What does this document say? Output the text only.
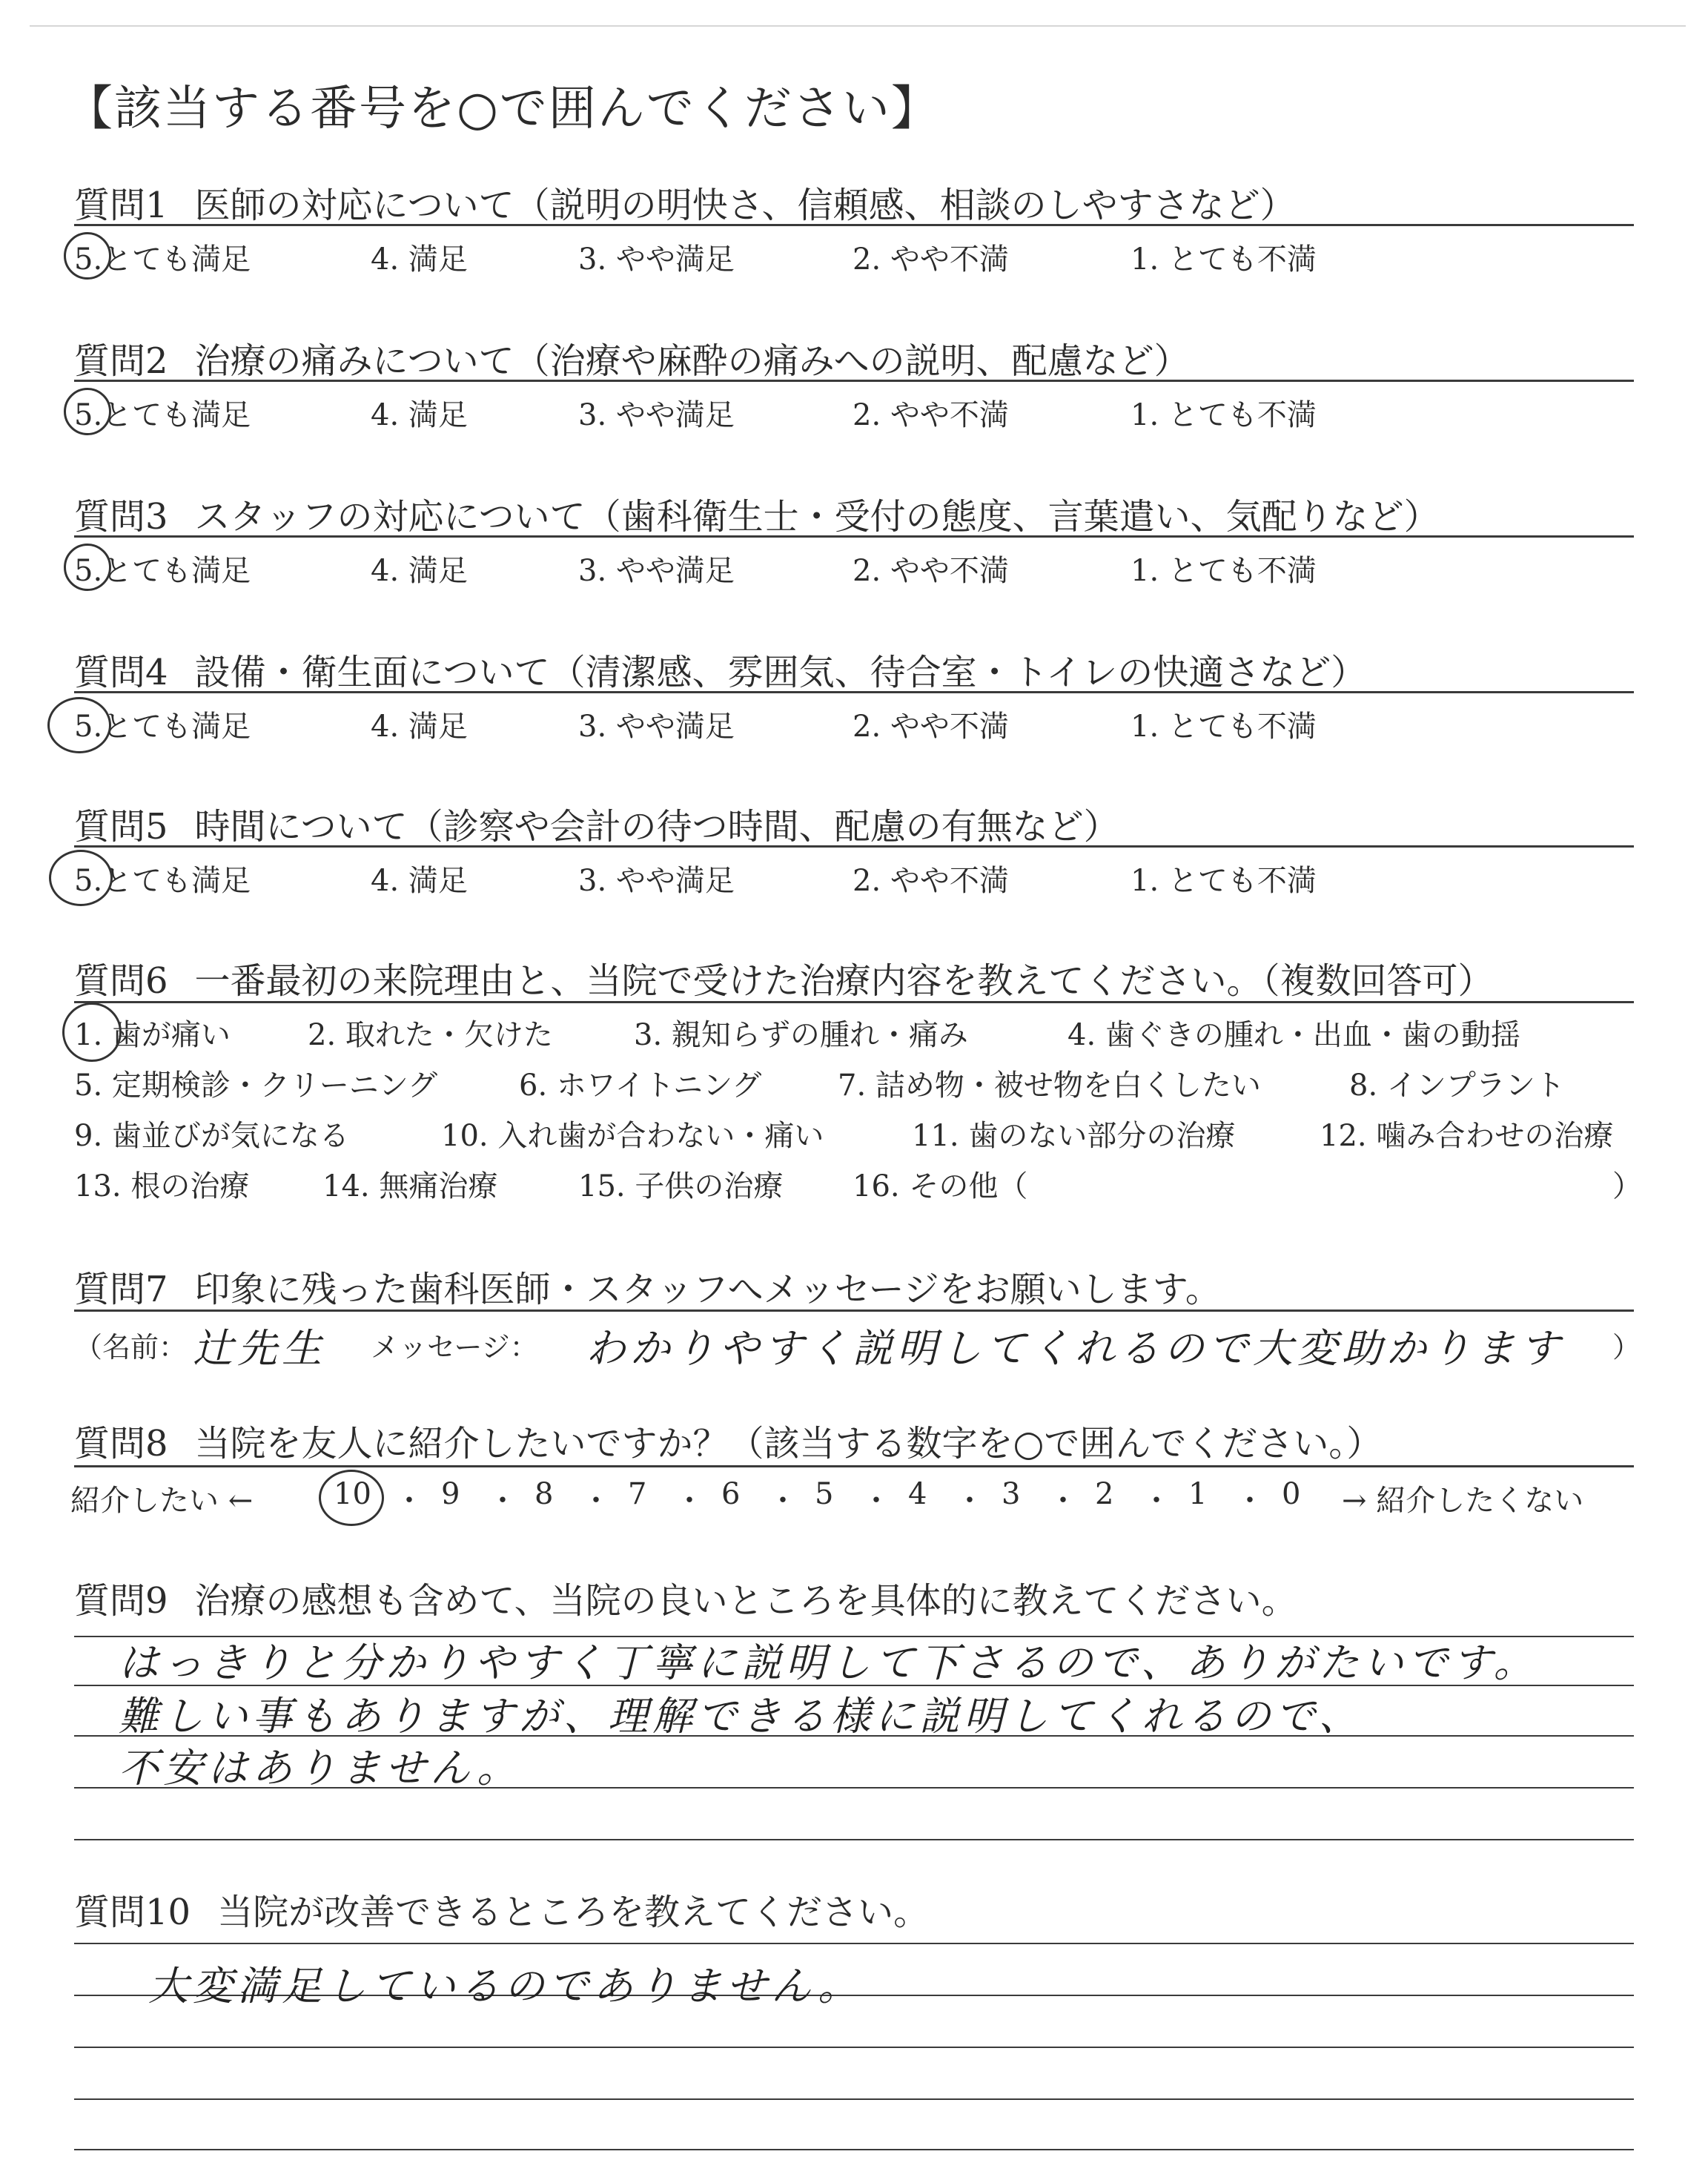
【該当する番号を○で囲んでください】
質問1 医師の対応について（説明の明快さ、信頼感、相談のしやすさなど）
5.とても満足	4. 満足	3. やや満足	2. やや不満	1. とても不満
質問2 治療の痛みについて（治療や麻酔の痛みへの説明、配慮など）
5.とても満足	4. 満足	3. やや満足	2. やや不満	1. とても不満
質問3 スタッフの対応について（歯科衛生士・受付の態度、言葉遣い、気配りなど）
5.とても満足	4. 満足	3. やや満足	2. やや不満	1. とても不満
質問4 設備・衛生面について（清潔感、雰囲気、待合室・トイレの快適さなど）
5.とても満足	4. 満足	3. やや満足	2. やや不満	1. とても不満
質問5 時間について（診察や会計の待つ時間、配慮の有無など）
5.とても満足	4. 満足	3. やや満足	2. やや不満	1. とても不満
質問6 一番最初の来院理由と、当院で受けた治療内容を教えてください。（複数回答可）
1. 歯が痛い	2. 取れた・欠けた	3. 親知らずの腫れ・痛み	4. 歯ぐきの腫れ・出血・歯の動揺
5. 定期検診・クリーニング	6. ホワイトニング	7. 詰め物・被せ物を白くしたい	8. インプラント
9. 歯並びが気になる	10. 入れ歯が合わない・痛い	11. 歯のない部分の治療	12. 噛み合わせの治療
13. 根の治療 14. 無痛治療	15. 子供の治療 16. その他（	）
質問7 印象に残った歯科医師・スタッフへメッセージをお願いします。
（名前： 辻先生 メッセージ： わかりやすく説明してくれるので大変助かります ）
質問8 当院を友人に紹介したいですか？（該当する数字を○で囲んでください。）
紹介したい ←	10 ・ 9 ・ 8 ・ 7 ・ 6 ・ 5 ・ 4 ・ 3 ・ 2 ・ 1 ・ 0 → 紹介したくない
質問9 治療の感想も含めて、当院の良いところを具体的に教えてください。
はっきりと分かりやすく丁寧に説明して下さるので、ありがたいです。
難しい事もありますが、理解できる様に説明してくれるので、
不安はありません。
質問10 当院が改善できるところを教えてください。
大変満足しているのでありません。
